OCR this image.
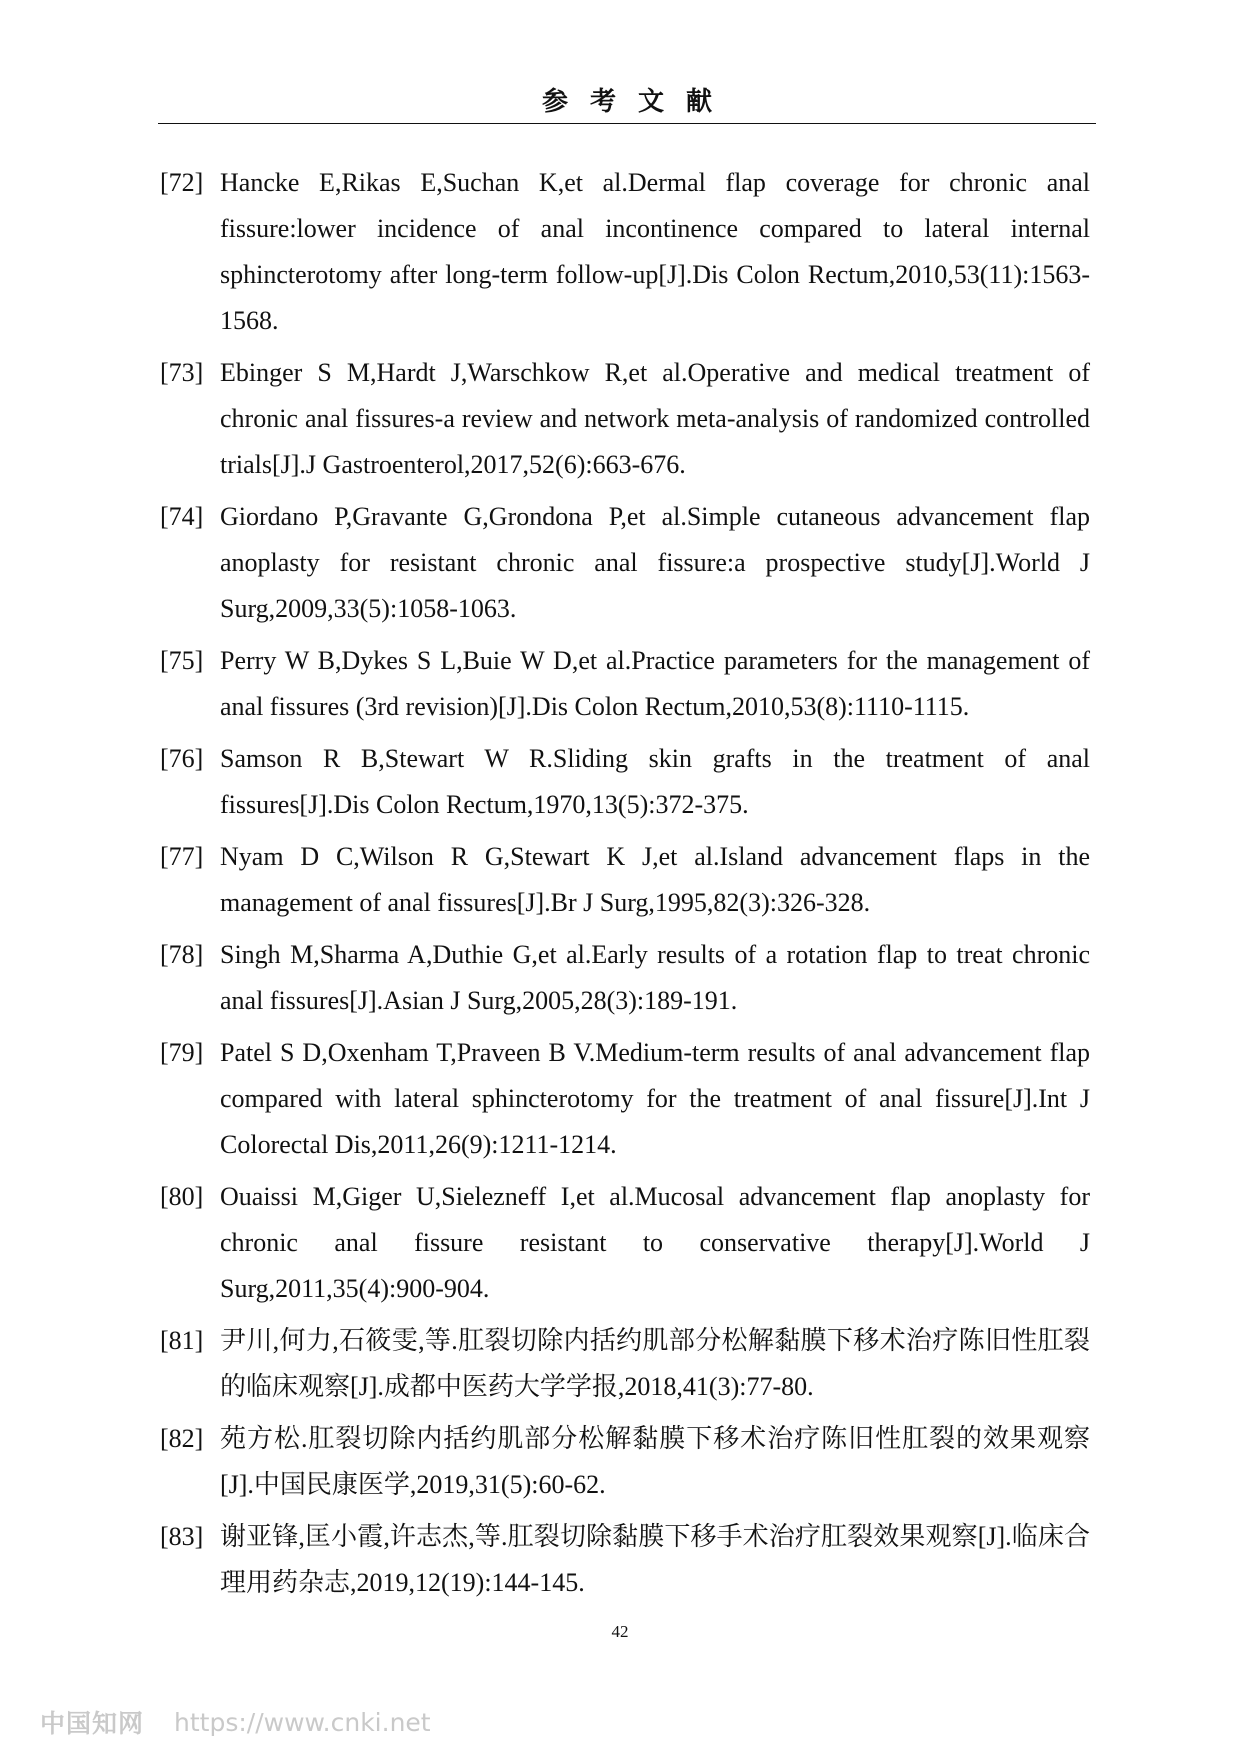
参考文献
[72] Hancke E,Rikas E,Suchan K,et al.Dermal flap coverage for chronic anal fissure:lower incidence of anal incontinence compared to lateral internal sphincterotomy after long-term follow-up[J].Dis Colon Rectum,2010,53(11):1563-1568.
[73] Ebinger S M,Hardt J,Warschkow R,et al.Operative and medical treatment of chronic anal fissures-a review and network meta-analysis of randomized controlled trials[J].J Gastroenterol,2017,52(6):663-676.
[74] Giordano P,Gravante G,Grondona P,et al.Simple cutaneous advancement flap anoplasty for resistant chronic anal fissure:a prospective study[J].World J Surg,2009,33(5):1058-1063.
[75] Perry W B,Dykes S L,Buie W D,et al.Practice parameters for the management of anal fissures (3rd revision)[J].Dis Colon Rectum,2010,53(8):1110-1115.
[76] Samson R B,Stewart W R.Sliding skin grafts in the treatment of anal fissures[J].Dis Colon Rectum,1970,13(5):372-375.
[77] Nyam D C,Wilson R G,Stewart K J,et al.Island advancement flaps in the management of anal fissures[J].Br J Surg,1995,82(3):326-328.
[78] Singh M,Sharma A,Duthie G,et al.Early results of a rotation flap to treat chronic anal fissures[J].Asian J Surg,2005,28(3):189-191.
[79] Patel S D,Oxenham T,Praveen B V.Medium-term results of anal advancement flap compared with lateral sphincterotomy for the treatment of anal fissure[J].Int J Colorectal Dis,2011,26(9):1211-1214.
[80] Ouaissi M,Giger U,Sielezneff I,et al.Mucosal advancement flap anoplasty for chronic anal fissure resistant to conservative therapy[J].World J Surg,2011,35(4):900-904.
[81] 尹川,何力,石筱雯,等.肛裂切除内括约肌部分松解黏膜下移术治疗陈旧性肛裂的临床观察[J].成都中医药大学学报,2018,41(3):77-80.
[82] 苑方松.肛裂切除内括约肌部分松解黏膜下移术治疗陈旧性肛裂的效果观察[J].中国民康医学,2019,31(5):60-62.
[83] 谢亚锋,匡小霞,许志杰,等.肛裂切除黏膜下移手术治疗肛裂效果观察[J].临床合理用药杂志,2019,12(19):144-145.
42
中国知网 https://www.cnki.net
